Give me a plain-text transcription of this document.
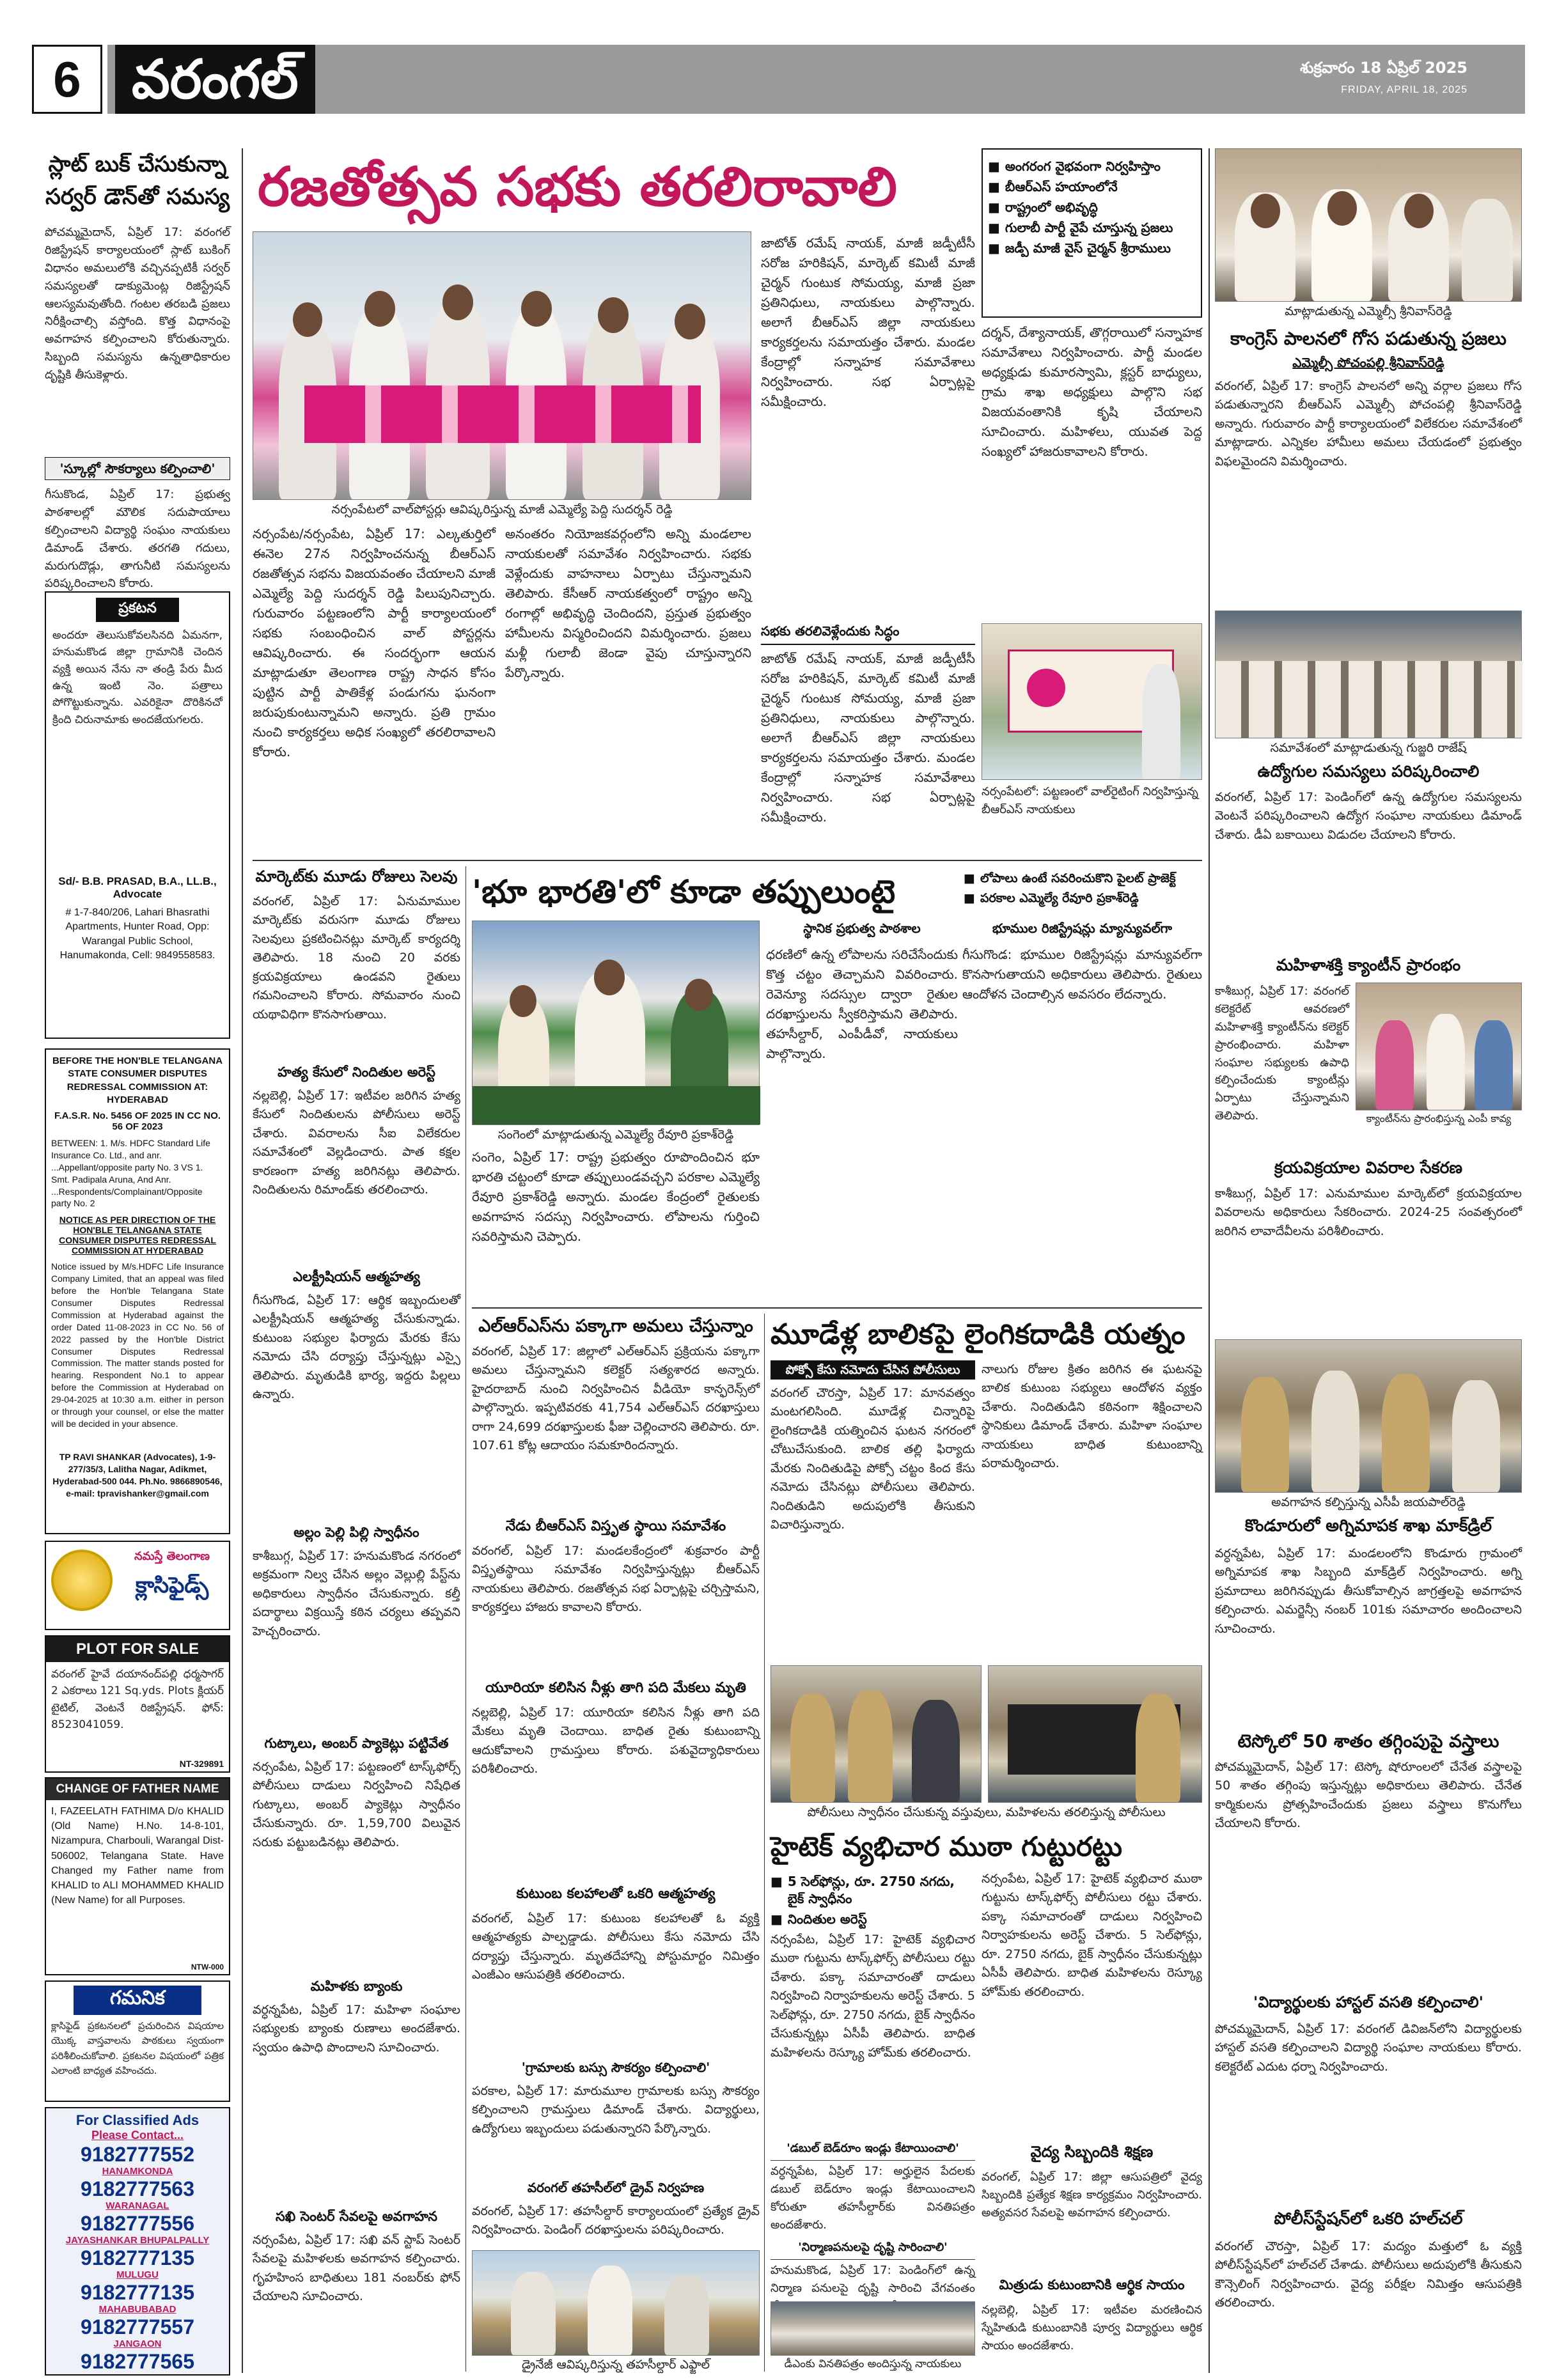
6 వరంగల్	శుక్రవారం 18 ఏప్రిల్ 2025
FRIDAY, APRIL 18, 2025
స్లాట్ బుక్ చేసుకున్నా సర్వర్ డౌన్‌తో సమస్య
పోచమ్మమైదాన్, ఏప్రిల్ 17: వరంగల్ రిజిస్ట్రేషన్ కార్యాలయంలో స్లాట్ బుకింగ్ విధానం అమలులోకి వచ్చినప్పటికీ సర్వర్ సమస్యలతో డాక్యుమెంట్ల రిజిస్ట్రేషన్ ఆలస్యమవుతోంది. గంటల తరబడి ప్రజలు నిరీక్షించాల్సి వస్తోంది. కొత్త విధానంపై అవగాహన కల్పించాలని కోరుతున్నారు. సిబ్బంది సమస్యను ఉన్నతాధికారుల దృష్టికి తీసుకెళ్లారు.
'స్కూల్లో సౌకర్యాలు కల్పించాలి'
గీసుకొండ, ఏప్రిల్ 17: ప్రభుత్వ పాఠశాలల్లో మౌలిక సదుపాయాలు కల్పించాలని విద్యార్థి సంఘం నాయకులు డిమాండ్ చేశారు. తరగతి గదులు, మరుగుదొడ్లు, తాగునీటి సమస్యలను పరిష్కరించాలని కోరారు.
ప్రకటన
అందరూ తెలుసుకోవలసినది ఏమనగా, హనుమకొండ జిల్లా గ్రామానికి చెందిన వ్యక్తి అయిన నేను నా తండ్రి పేరు మీద ఉన్న ఇంటి నెం. పత్రాలు పోగొట్టుకున్నాను. ఎవరికైనా దొరికినచో క్రింది చిరునామాకు అందజేయగలరు.
Sd/- B.B. PRASAD, B.A., LL.B., Advocate
# 1-7-840/206, Lahari Bhasrathi Apartments, Hunter Road, Opp: Warangal Public School, Hanumakonda, Cell: 9849558583.
BEFORE THE HON'BLE TELANGANA STATE CONSUMER DISPUTES REDRESSAL COMMISSION AT: HYDERABAD
F.A.S.R. No. 5456 OF 2025 IN CC NO. 56 OF 2023
BETWEEN: 1. M/s. HDFC Standard Life Insurance Co. Ltd., and anr. ...Appellant/opposite party No. 3 VS 1. Smt. Padipala Aruna, And Anr. ...Respondents/Complainant/Opposite party No. 2
NOTICE AS PER DIRECTION OF THE HON'BLE TELANGANA STATE CONSUMER DISPUTES REDRESSAL COMMISSION AT HYDERABAD
Notice issued by M/s.HDFC Life Insurance Company Limited, that an appeal was filed before the Hon'ble Telangana State Consumer Disputes Redressal Commission at Hyderabad against the order Dated 11-08-2023 in CC No. 56 of 2022 passed by the Hon'ble District Consumer Disputes Redressal Commission. The matter stands posted for hearing. Respondent No.1 to appear before the Commission at Hyderabad on 29-04-2025 at 10:30 a.m. either in person or through your counsel, or else the matter will be decided in your absence.
TP RAVI SHANKAR (Advocates), 1-9-277/35/3, Lalitha Nagar, Adikmet, Hyderabad-500 044. Ph.No. 9866890546, e-mail: tpravishanker@gmail.com
నమస్తే తెలంగాణ
క్లాసిఫైడ్స్
PLOT FOR SALE
వరంగల్ హైవే దయానంద్‌పల్లి ధర్మసాగర్ 2 ఎకరాలు 121 Sq.yds. Plots క్లియర్ టైటిల్, వెంటనే రిజిస్ట్రేషన్. ఫోన్: 8523041059.
NT-329891
CHANGE OF FATHER NAME
I, FAZEELATH FATHIMA D/o KHALID (Old Name) H.No. 14-8-101, Nizampura, Charbouli, Warangal Dist-506002, Telangana State. Have Changed my Father name from KHALID to ALI MOHAMMED KHALID (New Name) for all Purposes.
NTW-000
గమనిక
క్లాసిఫైడ్ ప్రకటనలలో ప్రచురించిన విషయాల యొక్క వాస్తవాలను పాఠకులు స్వయంగా పరిశీలించుకోవాలి. ప్రకటనల విషయంలో పత్రిక ఎలాంటి బాధ్యత వహించదు.
For Classified Ads
Please Contact...
9182777552
HANAMKONDA
9182777563
WARANAGAL
9182777556
JAYASHANKAR BHUPALPALLY
9182777135
MULUGU
9182777135
MAHABUBABAD
9182777557
JANGAON
9182777565
రజతోత్సవ సభకు తరలిరావాలి
నర్సంపేటలో వాల్‌పోస్టర్లు ఆవిష్కరిస్తున్న మాజీ ఎమ్మెల్యే పెద్ది సుదర్శన్ రెడ్డి
■ అంగరంగ వైభవంగా నిర్వహిస్తాం
■ బీఆర్ఎస్ హయాంలోనే
■ రాష్ట్రంలో అభివృద్ధి
■ గులాబీ పార్టీ వైపే చూస్తున్న ప్రజలు
■ జడ్పీ మాజీ వైస్ చైర్మన్ శ్రీరాములు
నర్సంపేట/నర్సంపేట, ఏప్రిల్ 17: ఎల్కతుర్తిలో ఈనెల 27న నిర్వహించనున్న బీఆర్ఎస్ రజతోత్సవ సభను విజయవంతం చేయాలని మాజీ ఎమ్మెల్యే పెద్ది సుదర్శన్ రెడ్డి పిలుపునిచ్చారు. గురువారం పట్టణంలోని పార్టీ కార్యాలయంలో సభకు సంబంధించిన వాల్ పోస్టర్లను ఆవిష్కరించారు. ఈ సందర్భంగా ఆయన మాట్లాడుతూ తెలంగాణ రాష్ట్ర సాధన కోసం పుట్టిన పార్టీ పాతికేళ్ల పండుగను ఘనంగా జరుపుకుంటున్నామని అన్నారు. ప్రతి గ్రామం నుంచి కార్యకర్తలు అధిక సంఖ్యలో తరలిరావాలని కోరారు.
అనంతరం నియోజకవర్గంలోని అన్ని మండలాల నాయకులతో సమావేశం నిర్వహించారు. సభకు వెళ్లేందుకు వాహనాలు ఏర్పాటు చేస్తున్నామని తెలిపారు. కేసీఆర్ నాయకత్వంలో రాష్ట్రం అన్ని రంగాల్లో అభివృద్ధి చెందిందని, ప్రస్తుత ప్రభుత్వం హామీలను విస్మరించిందని విమర్శించారు. ప్రజలు మళ్లీ గులాబీ జెండా వైపు చూస్తున్నారని పేర్కొన్నారు.
జాటోత్ రమేష్ నాయక్, మాజీ జడ్పీటీసీ సరోజ హరికిషన్, మార్కెట్ కమిటీ మాజీ చైర్మన్ గుంటుక సోమయ్య, మాజీ ప్రజా ప్రతినిధులు, నాయకులు పాల్గొన్నారు. అలాగే బీఆర్ఎస్ జిల్లా నాయకులు కార్యకర్తలను సమాయత్తం చేశారు. మండల కేంద్రాల్లో సన్నాహక సమావేశాలు నిర్వహించారు. సభ ఏర్పాట్లపై సమీక్షించారు.
దర్శన్, దేశ్యానాయక్, తొగ్గరాయిలో సన్నాహక సమావేశాలు నిర్వహించారు. పార్టీ మండల అధ్యక్షుడు కుమారస్వామి, క్లస్టర్ బాధ్యులు, గ్రామ శాఖ అధ్యక్షులు పాల్గొని సభ విజయవంతానికి కృషి చేయాలని సూచించారు. మహిళలు, యువత పెద్ద సంఖ్యలో హాజరుకావాలని కోరారు.
సభకు తరలివెళ్లేందుకు సిద్ధం
నర్సంపేటలో: పట్టణంలో వాల్‌రైటింగ్ నిర్వహిస్తున్న బీఆర్ఎస్ నాయకులు
జాటోత్ రమేష్ నాయక్, మాజీ జడ్పీటీసీ సరోజ హరికిషన్, మార్కెట్ కమిటీ మాజీ చైర్మన్ గుంటుక సోమయ్య, మాజీ ప్రజా ప్రతినిధులు, నాయకులు పాల్గొన్నారు. అలాగే బీఆర్ఎస్ జిల్లా నాయకులు కార్యకర్తలను సమాయత్తం చేశారు. మండల కేంద్రాల్లో సన్నాహక సమావేశాలు నిర్వహించారు. సభ ఏర్పాట్లపై సమీక్షించారు.
మార్కెట్‌కు మూడు రోజులు సెలవు
వరంగల్, ఏప్రిల్ 17: ఏనుమాముల మార్కెట్‌కు వరుసగా మూడు రోజులు సెలవులు ప్రకటించినట్లు మార్కెట్ కార్యదర్శి తెలిపారు. 18 నుంచి 20 వరకు క్రయవిక్రయాలు ఉండవని రైతులు గమనించాలని కోరారు. సోమవారం నుంచి యథావిధిగా కొనసాగుతాయి.
హత్య కేసులో నిందితుల అరెస్ట్
నల్లబెల్లి, ఏప్రిల్ 17: ఇటీవల జరిగిన హత్య కేసులో నిందితులను పోలీసులు అరెస్ట్ చేశారు. వివరాలను సీఐ విలేకరుల సమావేశంలో వెల్లడించారు. పాత కక్షల కారణంగా హత్య జరిగినట్లు తెలిపారు. నిందితులను రిమాండ్‌కు తరలించారు.
ఎలక్ట్రీషియన్ ఆత్మహత్య
గీసుగొండ, ఏప్రిల్ 17: ఆర్థిక ఇబ్బందులతో ఎలక్ట్రీషియన్ ఆత్మహత్య చేసుకున్నాడు. కుటుంబ సభ్యుల ఫిర్యాదు మేరకు కేసు నమోదు చేసి దర్యాప్తు చేస్తున్నట్లు ఎస్సై తెలిపారు. మృతుడికి భార్య, ఇద్దరు పిల్లలు ఉన్నారు.
అల్లం పెల్లి పిల్లి స్వాధీనం
కాశీబుగ్గ, ఏప్రిల్ 17: హనుమకొండ నగరంలో అక్రమంగా నిల్వ చేసిన అల్లం వెల్లుల్లి పేస్ట్‌ను అధికారులు స్వాధీనం చేసుకున్నారు. కల్తీ పదార్థాలు విక్రయిస్తే కఠిన చర్యలు తప్పవని హెచ్చరించారు.
గుట్కాలు, అంబర్ ప్యాకెట్లు పట్టివేత
నర్సంపేట, ఏప్రిల్ 17: పట్టణంలో టాస్క్‌ఫోర్స్ పోలీసులు దాడులు నిర్వహించి నిషేధిత గుట్కాలు, అంబర్ ప్యాకెట్లు స్వాధీనం చేసుకున్నారు. రూ. 1,59,700 విలువైన సరుకు పట్టుబడినట్లు తెలిపారు.
మహిళకు బ్యాంకు
వర్ధన్నపేట, ఏప్రిల్ 17: మహిళా సంఘాల సభ్యులకు బ్యాంకు రుణాలు అందజేశారు. స్వయం ఉపాధి పొందాలని సూచించారు.
సఖి సెంటర్ సేవలపై అవగాహన
నర్సంపేట, ఏప్రిల్ 17: సఖి వన్ స్టాప్ సెంటర్ సేవలపై మహిళలకు అవగాహన కల్పించారు. గృహహింస బాధితులు 181 నంబర్‌కు ఫోన్ చేయాలని సూచించారు.
'భూ భారతి'లో కూడా తప్పులుంటై	■ లోపాలు ఉంటే సవరించుకొని పైలట్ ప్రాజెక్ట్
■ పరకాల ఎమ్మెల్యే రేవూరి ప్రకాశ్‌రెడ్డి
సంగెంలో మాట్లాడుతున్న ఎమ్మెల్యే రేవూరి ప్రకాశ్‌రెడ్డి
సంగెం, ఏప్రిల్ 17: రాష్ట్ర ప్రభుత్వం రూపొందించిన భూ భారతి చట్టంలో కూడా తప్పులుండవచ్చని పరకాల ఎమ్మెల్యే రేవూరి ప్రకాశ్‌రెడ్డి అన్నారు. మండల కేంద్రంలో రైతులకు అవగాహన సదస్సు నిర్వహించారు. లోపాలను గుర్తించి సవరిస్తామని చెప్పారు.
స్థానిక ప్రభుత్వ పాఠశాల
ధరణిలో ఉన్న లోపాలను సరిచేసేందుకు కొత్త చట్టం తెచ్చామని వివరించారు. రెవెన్యూ సదస్సుల ద్వారా రైతుల దరఖాస్తులను స్వీకరిస్తామని తెలిపారు. తహసీల్దార్, ఎంపీడీవో, నాయకులు పాల్గొన్నారు.
భూముల రిజిస్ట్రేషన్లు మ్యాన్యువల్‌గా
గీసుగొండ: భూముల రిజిస్ట్రేషన్లు మాన్యువల్‌గా కొనసాగుతాయని అధికారులు తెలిపారు. రైతులు ఆందోళన చెందాల్సిన అవసరం లేదన్నారు.
ఎల్ఆర్ఎస్‌ను పక్కాగా అమలు చేస్తున్నాం
వరంగల్, ఏప్రిల్ 17: జిల్లాలో ఎల్ఆర్ఎస్ ప్రక్రియను పక్కాగా అమలు చేస్తున్నామని కలెక్టర్ సత్యశారద అన్నారు. హైదరాబాద్ నుంచి నిర్వహించిన వీడియో కాన్ఫరెన్స్‌లో పాల్గొన్నారు. ఇప్పటివరకు 41,754 ఎల్ఆర్ఎస్ దరఖాస్తులు రాగా 24,699 దరఖాస్తులకు ఫీజు చెల్లించారని తెలిపారు. రూ. 107.61 కోట్ల ఆదాయం సమకూరిందన్నారు.
నేడు బీఆర్ఎస్ విస్తృత స్థాయి సమావేశం
వరంగల్, ఏప్రిల్ 17: మండలకేంద్రంలో శుక్రవారం పార్టీ విస్తృతస్థాయి సమావేశం నిర్వహిస్తున్నట్లు బీఆర్ఎస్ నాయకులు తెలిపారు. రజతోత్సవ సభ ఏర్పాట్లపై చర్చిస్తామని, కార్యకర్తలు హాజరు కావాలని కోరారు.
యూరియా కలిసిన నీళ్లు తాగి పది మేకలు మృతి
నల్లబెల్లి, ఏప్రిల్ 17: యూరియా కలిసిన నీళ్లు తాగి పది మేకలు మృతి చెందాయి. బాధిత రైతు కుటుంబాన్ని ఆదుకోవాలని గ్రామస్తులు కోరారు. పశువైద్యాధికారులు పరిశీలించారు.
కుటుంబ కలహాలతో ఒకరి ఆత్మహత్య
వరంగల్, ఏప్రిల్ 17: కుటుంబ కలహాలతో ఓ వ్యక్తి ఆత్మహత్యకు పాల్పడ్డాడు. పోలీసులు కేసు నమోదు చేసి దర్యాప్తు చేస్తున్నారు. మృతదేహాన్ని పోస్టుమార్టం నిమిత్తం ఎంజీఎం ఆసుపత్రికి తరలించారు.
'గ్రామాలకు బస్సు సౌకర్యం కల్పించాలి'
పరకాల, ఏప్రిల్ 17: మారుమూల గ్రామాలకు బస్సు సౌకర్యం కల్పించాలని గ్రామస్తులు డిమాండ్ చేశారు. విద్యార్థులు, ఉద్యోగులు ఇబ్బందులు పడుతున్నారని పేర్కొన్నారు.
వరంగల్ తహసీల్‌లో డ్రైవ్ నిర్వహణ
వరంగల్, ఏప్రిల్ 17: తహసీల్దార్ కార్యాలయంలో ప్రత్యేక డ్రైవ్ నిర్వహించారు. పెండింగ్ దరఖాస్తులను పరిష్కరించారు.
డ్రైనేజీ ఆవిష్కరిస్తున్న తహసీల్దార్ ఎఫ్జాల్
మూడేళ్ల బాలికపై లైంగికదాడికి యత్నం
పోక్సో కేసు నమోదు చేసిన పోలీసులు
వరంగల్ చౌరస్తా, ఏప్రిల్ 17: మానవత్వం మంటగలిసింది. మూడేళ్ల చిన్నారిపై లైంగికదాడికి యత్నించిన ఘటన నగరంలో చోటుచేసుకుంది. బాలిక తల్లి ఫిర్యాదు మేరకు నిందితుడిపై పోక్సో చట్టం కింద కేసు నమోదు చేసినట్లు పోలీసులు తెలిపారు. నిందితుడిని అదుపులోకి తీసుకుని విచారిస్తున్నారు.
నాలుగు రోజుల క్రితం జరిగిన ఈ ఘటనపై బాలిక కుటుంబ సభ్యులు ఆందోళన వ్యక్తం చేశారు. నిందితుడిని కఠినంగా శిక్షించాలని స్థానికులు డిమాండ్ చేశారు. మహిళా సంఘాల నాయకులు బాధిత కుటుంబాన్ని పరామర్శించారు.
పోలీసులు స్వాధీనం చేసుకున్న వస్తువులు, మహిళలను తరలిస్తున్న పోలీసులు
హైటెక్ వ్యభిచార ముఠా గుట్టురట్టు
■ 5 సెల్‌ఫోన్లు, రూ. 2750 నగదు, బైక్ స్వాధీనం
■ నిందితుల అరెస్ట్
నర్సంపేట, ఏప్రిల్ 17: హైటెక్ వ్యభిచార ముఠా గుట్టును టాస్క్‌ఫోర్స్ పోలీసులు రట్టు చేశారు. పక్కా సమాచారంతో దాడులు నిర్వహించి నిర్వాహకులను అరెస్ట్ చేశారు. 5 సెల్‌ఫోన్లు, రూ. 2750 నగదు, బైక్ స్వాధీనం చేసుకున్నట్లు ఏసీపీ తెలిపారు. బాధిత మహిళలను రెస్క్యూ హోమ్‌కు తరలించారు.
నర్సంపేట, ఏప్రిల్ 17: హైటెక్ వ్యభిచార ముఠా గుట్టును టాస్క్‌ఫోర్స్ పోలీసులు రట్టు చేశారు. పక్కా సమాచారంతో దాడులు నిర్వహించి నిర్వాహకులను అరెస్ట్ చేశారు. 5 సెల్‌ఫోన్లు, రూ. 2750 నగదు, బైక్ స్వాధీనం చేసుకున్నట్లు ఏసీపీ తెలిపారు. బాధిత మహిళలను రెస్క్యూ హోమ్‌కు తరలించారు.
'డబుల్ బెడ్‌రూం ఇండ్లు కేటాయించాలి'
వర్ధన్నపేట, ఏప్రిల్ 17: అర్హులైన పేదలకు డబుల్ బెడ్‌రూం ఇండ్లు కేటాయించాలని కోరుతూ తహసీల్దార్‌కు వినతిపత్రం అందజేశారు.
'నిర్మాణపనులపై దృష్టి సారించాలి'
హనుమకొండ, ఏప్రిల్ 17: పెండింగ్‌లో ఉన్న నిర్మాణ పనులపై దృష్టి సారించి వేగవంతం
డీఎంకు వినతిపత్రం అందిస్తున్న నాయకులు
వైద్య సిబ్బందికి శిక్షణ
వరంగల్, ఏప్రిల్ 17: జిల్లా ఆసుపత్రిలో వైద్య సిబ్బందికి ప్రత్యేక శిక్షణ కార్యక్రమం నిర్వహించారు. అత్యవసర సేవలపై అవగాహన కల్పించారు.
మిత్రుడు కుటుంబానికి ఆర్థిక సాయం
నల్లబెల్లి, ఏప్రిల్ 17: ఇటీవల మరణించిన స్నేహితుడి కుటుంబానికి పూర్వ విద్యార్థులు ఆర్థిక సాయం అందజేశారు.
మాట్లాడుతున్న ఎమ్మెల్సీ శ్రీనివాస్‌రెడ్డి
కాంగ్రెస్ పాలనలో గోస పడుతున్న ప్రజలు
ఎమ్మెల్సీ పోచంపల్లి శ్రీనివాస్‌రెడ్డి
వరంగల్, ఏప్రిల్ 17: కాంగ్రెస్ పాలనలో అన్ని వర్గాల ప్రజలు గోస పడుతున్నారని బీఆర్ఎస్ ఎమ్మెల్సీ పోచంపల్లి శ్రీనివాస్‌రెడ్డి అన్నారు. గురువారం పార్టీ కార్యాలయంలో విలేకరుల సమావేశంలో మాట్లాడారు. ఎన్నికల హామీలు అమలు చేయడంలో ప్రభుత్వం విఫలమైందని విమర్శించారు.
సమావేశంలో మాట్లాడుతున్న గుజ్జరి రాజేష్
ఉద్యోగుల సమస్యలు పరిష్కరించాలి
వరంగల్, ఏప్రిల్ 17: పెండింగ్‌లో ఉన్న ఉద్యోగుల సమస్యలను వెంటనే పరిష్కరించాలని ఉద్యోగ సంఘాల నాయకులు డిమాండ్ చేశారు. డీఏ బకాయిలు విడుదల చేయాలని కోరారు.
మహిళాశక్తి క్యాంటీన్ ప్రారంభం
కాశీబుగ్గ, ఏప్రిల్ 17: వరంగల్ కలెక్టరేట్ ఆవరణలో మహిళాశక్తి క్యాంటీన్‌ను కలెక్టర్ ప్రారంభించారు. మహిళా సంఘాల సభ్యులకు ఉపాధి కల్పించేందుకు క్యాంటీన్లు ఏర్పాటు చేస్తున్నామని తెలిపారు.	క్యాంటీన్‌ను ప్రారంభిస్తున్న ఎంపీ కావ్య
క్రయవిక్రయాల వివరాల సేకరణ
కాశీబుగ్గ, ఏప్రిల్ 17: ఎనుమాముల మార్కెట్‌లో క్రయవిక్రయాల వివరాలను అధికారులు సేకరించారు. 2024-25 సంవత్సరంలో జరిగిన లావాదేవీలను పరిశీలించారు.
అవగాహన కల్పిస్తున్న ఎసీపీ జయపాల్‌రెడ్డి
కొండూరులో అగ్నిమాపక శాఖ మాక్‌డ్రిల్
వర్ధన్నపేట, ఏప్రిల్ 17: మండలంలోని కొండూరు గ్రామంలో అగ్నిమాపక శాఖ సిబ్బంది మాక్‌డ్రిల్ నిర్వహించారు. అగ్ని ప్రమాదాలు జరిగినప్పుడు తీసుకోవాల్సిన జాగ్రత్తలపై అవగాహన కల్పించారు. ఎమర్జెన్సీ నంబర్ 101కు సమాచారం అందించాలని సూచించారు.
టెస్కోలో 50 శాతం తగ్గింపుపై వస్త్రాలు
పోచమ్మమైదాన్, ఏప్రిల్ 17: టెస్కో షోరూంలలో చేనేత వస్త్రాలపై 50 శాతం తగ్గింపు ఇస్తున్నట్లు అధికారులు తెలిపారు. చేనేత కార్మికులను ప్రోత్సహించేందుకు ప్రజలు వస్త్రాలు కొనుగోలు చేయాలని కోరారు.
'విద్యార్థులకు హాస్టల్ వసతి కల్పించాలి'
పోచమ్మమైదాన్, ఏప్రిల్ 17: వరంగల్ డివిజన్‌లోని విద్యార్థులకు హాస్టల్ వసతి కల్పించాలని విద్యార్థి సంఘాల నాయకులు కోరారు. కలెక్టరేట్ ఎదుట ధర్నా నిర్వహించారు.
పోలీస్‌స్టేషన్‌లో ఒకరి హల్‌చల్
వరంగల్ చౌరస్తా, ఏప్రిల్ 17: మద్యం మత్తులో ఓ వ్యక్తి పోలీస్‌స్టేషన్‌లో హల్‌చల్ చేశాడు. పోలీసులు అదుపులోకి తీసుకుని కౌన్సెలింగ్ నిర్వహించారు. వైద్య పరీక్షల నిమిత్తం ఆసుపత్రికి తరలించారు.
